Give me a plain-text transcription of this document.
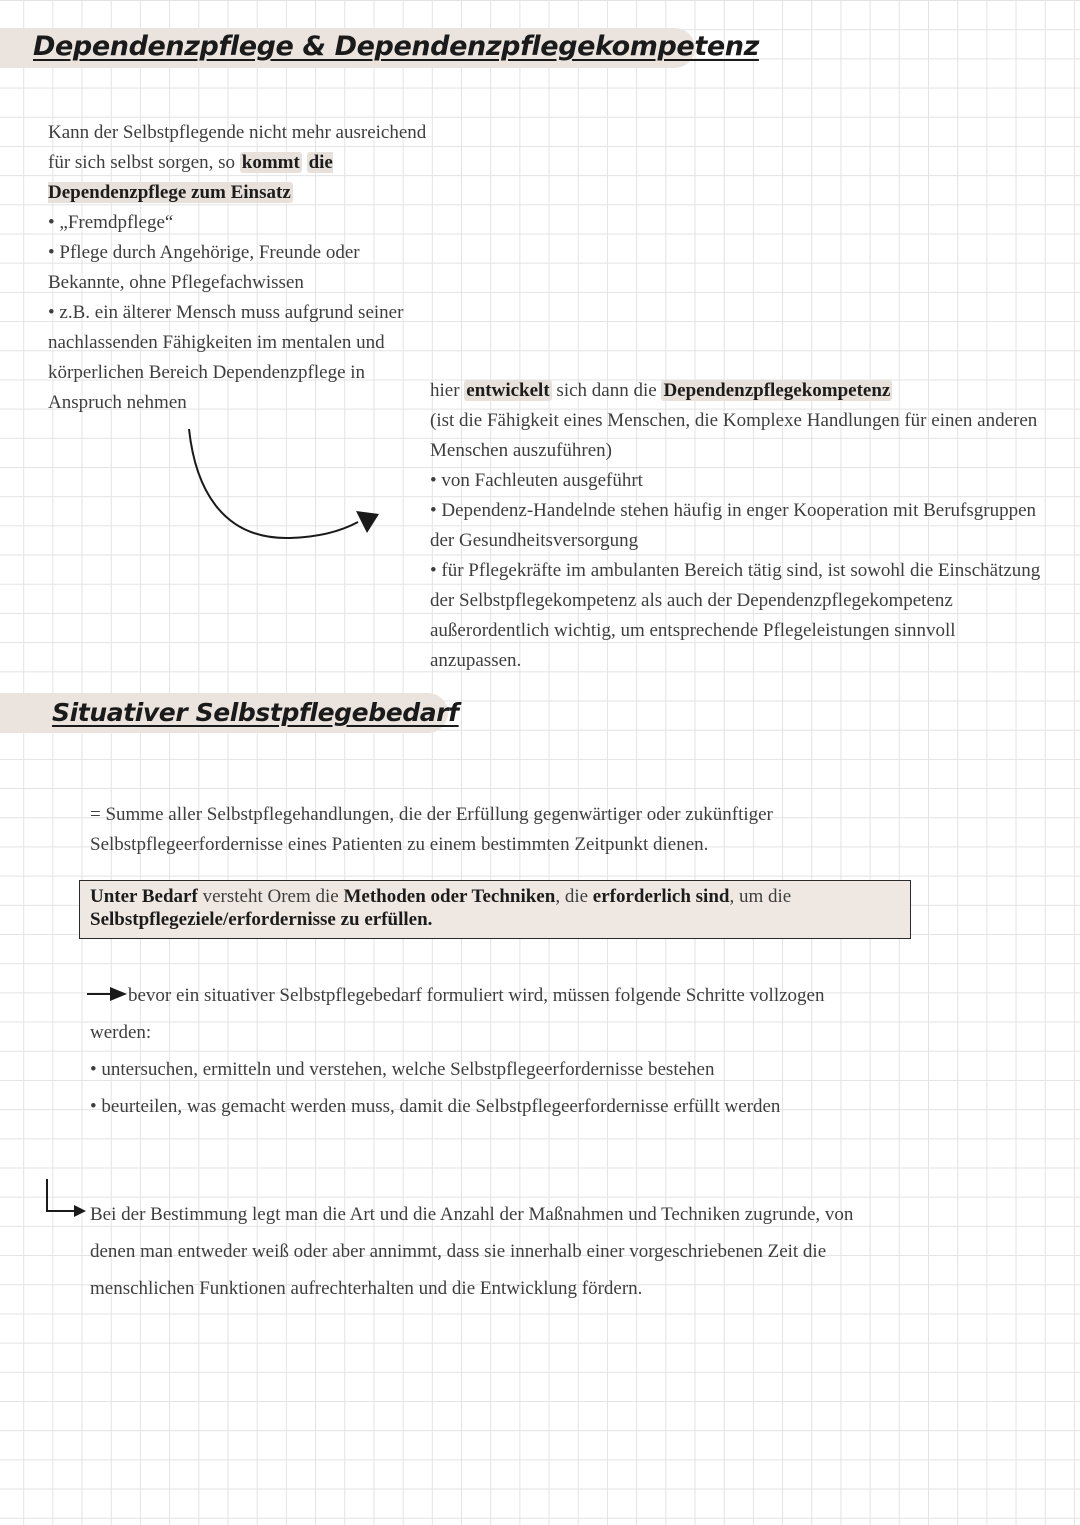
Dependenzpflege & Dependenzpflegekompetenz

Kann der Selbstpflegende nicht mehr ausreichend für sich selbst sorgen, so kommt die Dependenzpflege zum Einsatz

• „Fremdpflege“

• Pflege durch Angehörige, Freunde oder Bekannte, ohne Pflegefachwissen

• z.B. ein älterer Mensch muss aufgrund seiner nachlassenden Fähigkeiten im mentalen und körperlichen Bereich Dependenzpflege in Anspruch nehmen

hier entwickelt sich dann die Dependenzpflegekompetenz

(ist die Fähigkeit eines Menschen, die Komplexe Handlungen für einen anderen Menschen auszuführen)

• von Fachleuten ausgeführt

• Dependenz-Handelnde stehen häufig in enger Kooperation mit Berufsgruppen der Gesundheitsversorgung

• für Pflegekräfte im ambulanten Bereich tätig sind, ist sowohl die Einschätzung der Selbstpflegekompetenz als auch der Dependenzpflegekompetenz außerordentlich wichtig, um entsprechende Pflegeleistungen sinnvoll anzupassen.

Situativer Selbstpflegebedarf
= Summe aller Selbstpflegehandlungen, die der Erfüllung gegenwärtiger oder zukünftiger Selbstpflegeerfordernisse eines Patienten zu einem bestimmten Zeitpunkt dienen.
Unter Bedarf versteht Orem die Methoden oder Techniken, die erforderlich sind, um die Selbstpflegeziele/erfordernisse zu erfüllen.
bevor ein situativer Selbstpflegebedarf formuliert wird, müssen folgende Schritte vollzogen werden:

• untersuchen, ermitteln und verstehen, welche Selbstpflegeerfordernisse bestehen

• beurteilen, was gemacht werden muss, damit die Selbstpflegeerfordernisse erfüllt werden

Bei der Bestimmung legt man die Art und die Anzahl der Maßnahmen und Techniken zugrunde, von denen man entweder weiß oder aber annimmt, dass sie innerhalb einer vorgeschriebenen Zeit die menschlichen Funktionen aufrechterhalten und die Entwicklung fördern.
